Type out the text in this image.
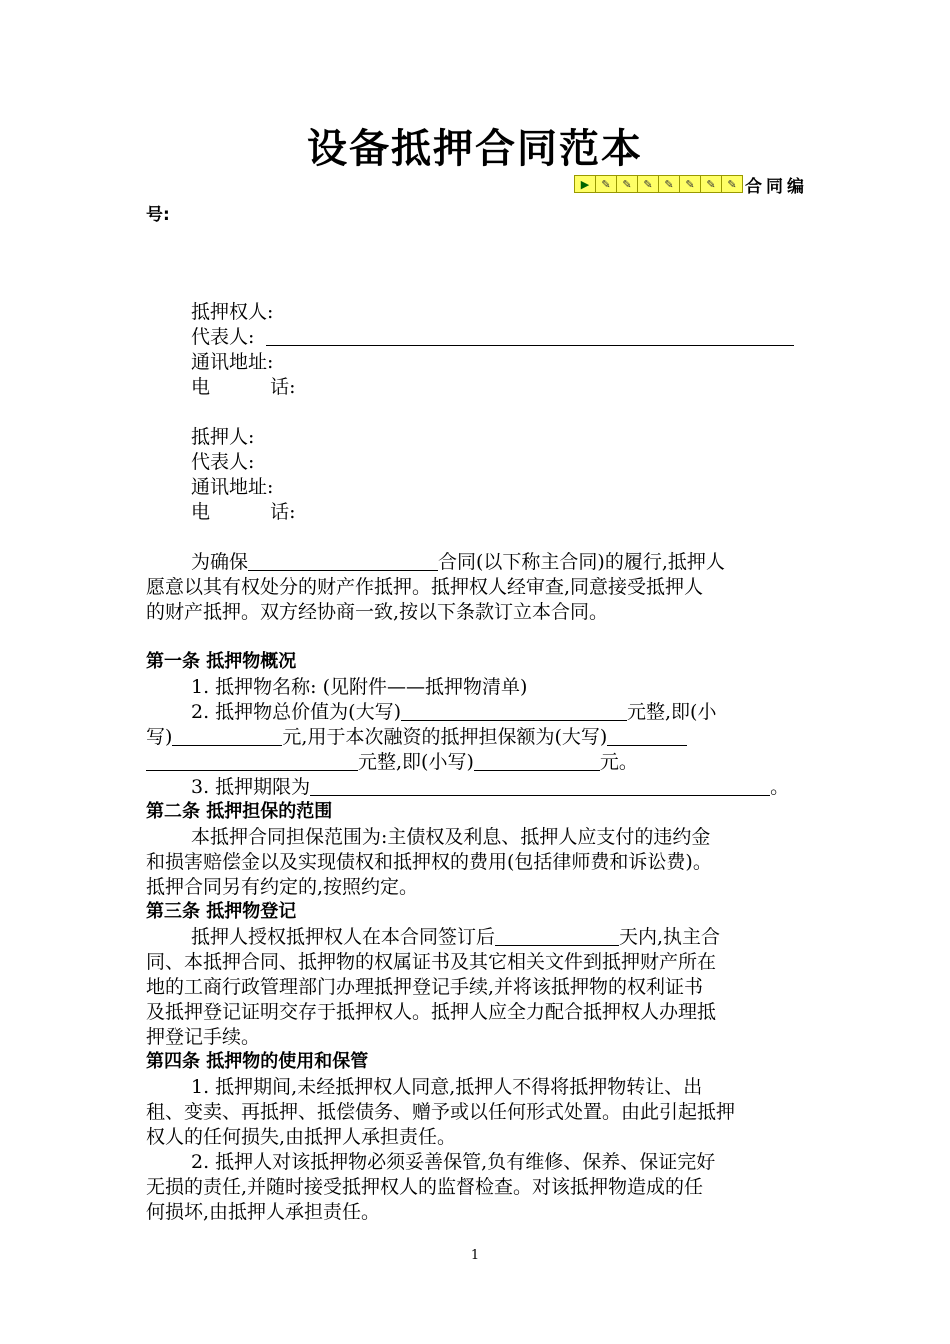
设备抵押合同范本
▶	✎	✎	✎	✎	✎	✎	✎ 合同编
号:
抵押权人:
代表人:
通讯地址:
电	话:
抵押人:
代表人:
通讯地址:
电	话:
为确保	合同(以下称主合同)的履行,抵押人
愿意以其有权处分的财产作抵押。抵押权人经审查,同意接受抵押人
的财产抵押。双方经协商一致,按以下条款订立本合同。
第一条 抵押物概况
1. 抵押物名称: (见附件——抵押物清单)
2. 抵押物总价值为(大写)	元整,即(小
写)	元,用于本次融资的抵押担保额为(大写)
元整,即(小写)	元。
3. 抵押期限为	。
第二条 抵押担保的范围
本抵押合同担保范围为:主债权及利息、抵押人应支付的违约金
和损害赔偿金以及实现债权和抵押权的费用(包括律师费和诉讼费)。
抵押合同另有约定的,按照约定。
第三条 抵押物登记
抵押人授权抵押权人在本合同签订后	天内,执主合
同、本抵押合同、抵押物的权属证书及其它相关文件到抵押财产所在
地的工商行政管理部门办理抵押登记手续,并将该抵押物的权利证书
及抵押登记证明交存于抵押权人。抵押人应全力配合抵押权人办理抵
押登记手续。
第四条 抵押物的使用和保管
1. 抵押期间,未经抵押权人同意,抵押人不得将抵押物转让、出
租、变卖、再抵押、抵偿债务、赠予或以任何形式处置。由此引起抵押
权人的任何损失,由抵押人承担责任。
2. 抵押人对该抵押物必须妥善保管,负有维修、保养、保证完好
无损的责任,并随时接受抵押权人的监督检查。对该抵押物造成的任
何损坏,由抵押人承担责任。
1
